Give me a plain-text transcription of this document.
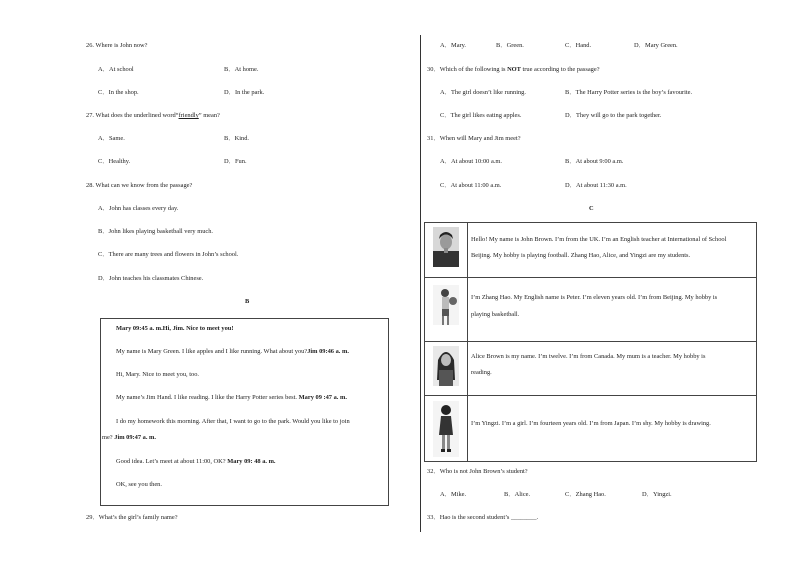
26. Where is John now?
A．At school	B．At home.
C．In the shop.	D．In the park.
27. What does the underlined word“friendly” mean?
A．Same.	B．Kind.
C．Healthy.	D．Fun.
28. What can we know from the passage?
A．John has classes every day.
B．John likes playing basketball very much.
C．There are many trees and flowers in John’s school.
D．John teaches his classmates Chinese.
B
Mary 09:45 a. m.Hi, Jim. Nice to meet you!
My name is Mary Green. I like apples and I like running. What about you?Jim 09:46 a. m.
Hi, Mary. Nice to meet you, too.
My name’s Jim Hand. I like reading. I like the Harry Potter series best. Mary 09 :47 a. m.
I do my homework this morning. After that, I want to go to the park. Would you like to join
me? Jim 09:47 a. m.
Good idea. Let’s meet at about 11:00, OK? Mary 09: 48 a. m.
OK, see you then.
29．What’s the girl’s family name?
A．Mary.	B．Green.	C．Hand.	D．Mary Green.
30．Which of the following is NOT true according to the passage?
A．The girl doesn’t like running.	B．The Harry Potter series is the boy’s favourite.
C．The girl likes eating apples.	D．They will go to the park together.
31．When will Mary and Jim meet?
A．At about 10:00 a.m.	B．At about 9:00 a.m.
C．At about 11:00 a.m.	D．At about 11:30 a.m.
C
Hello! My name is John Brown. I’m from the UK. I’m an English teacher at International of School
Beijing. My hobby is playing football. Zhang Hao, Alice, and Yingzi are my students.
I’m Zhang Hao. My English name is Peter. I’m eleven years old. I’m from Beijing. My hobby is
playing basketball.
Alice Brown is my name. I’m twelve. I’m from Canada. My mum is a teacher. My hobby is
reading.
I’m Yingzi. I’m a girl. I’m fourteen years old. I’m from Japan. I’m shy. My hobby is drawing.
32．Who is not John Brown’s student?
A．Mike.	B．Alice.	C．Zhang Hao.	D．Yingzi.
33．Hao is the second student’s ________.
